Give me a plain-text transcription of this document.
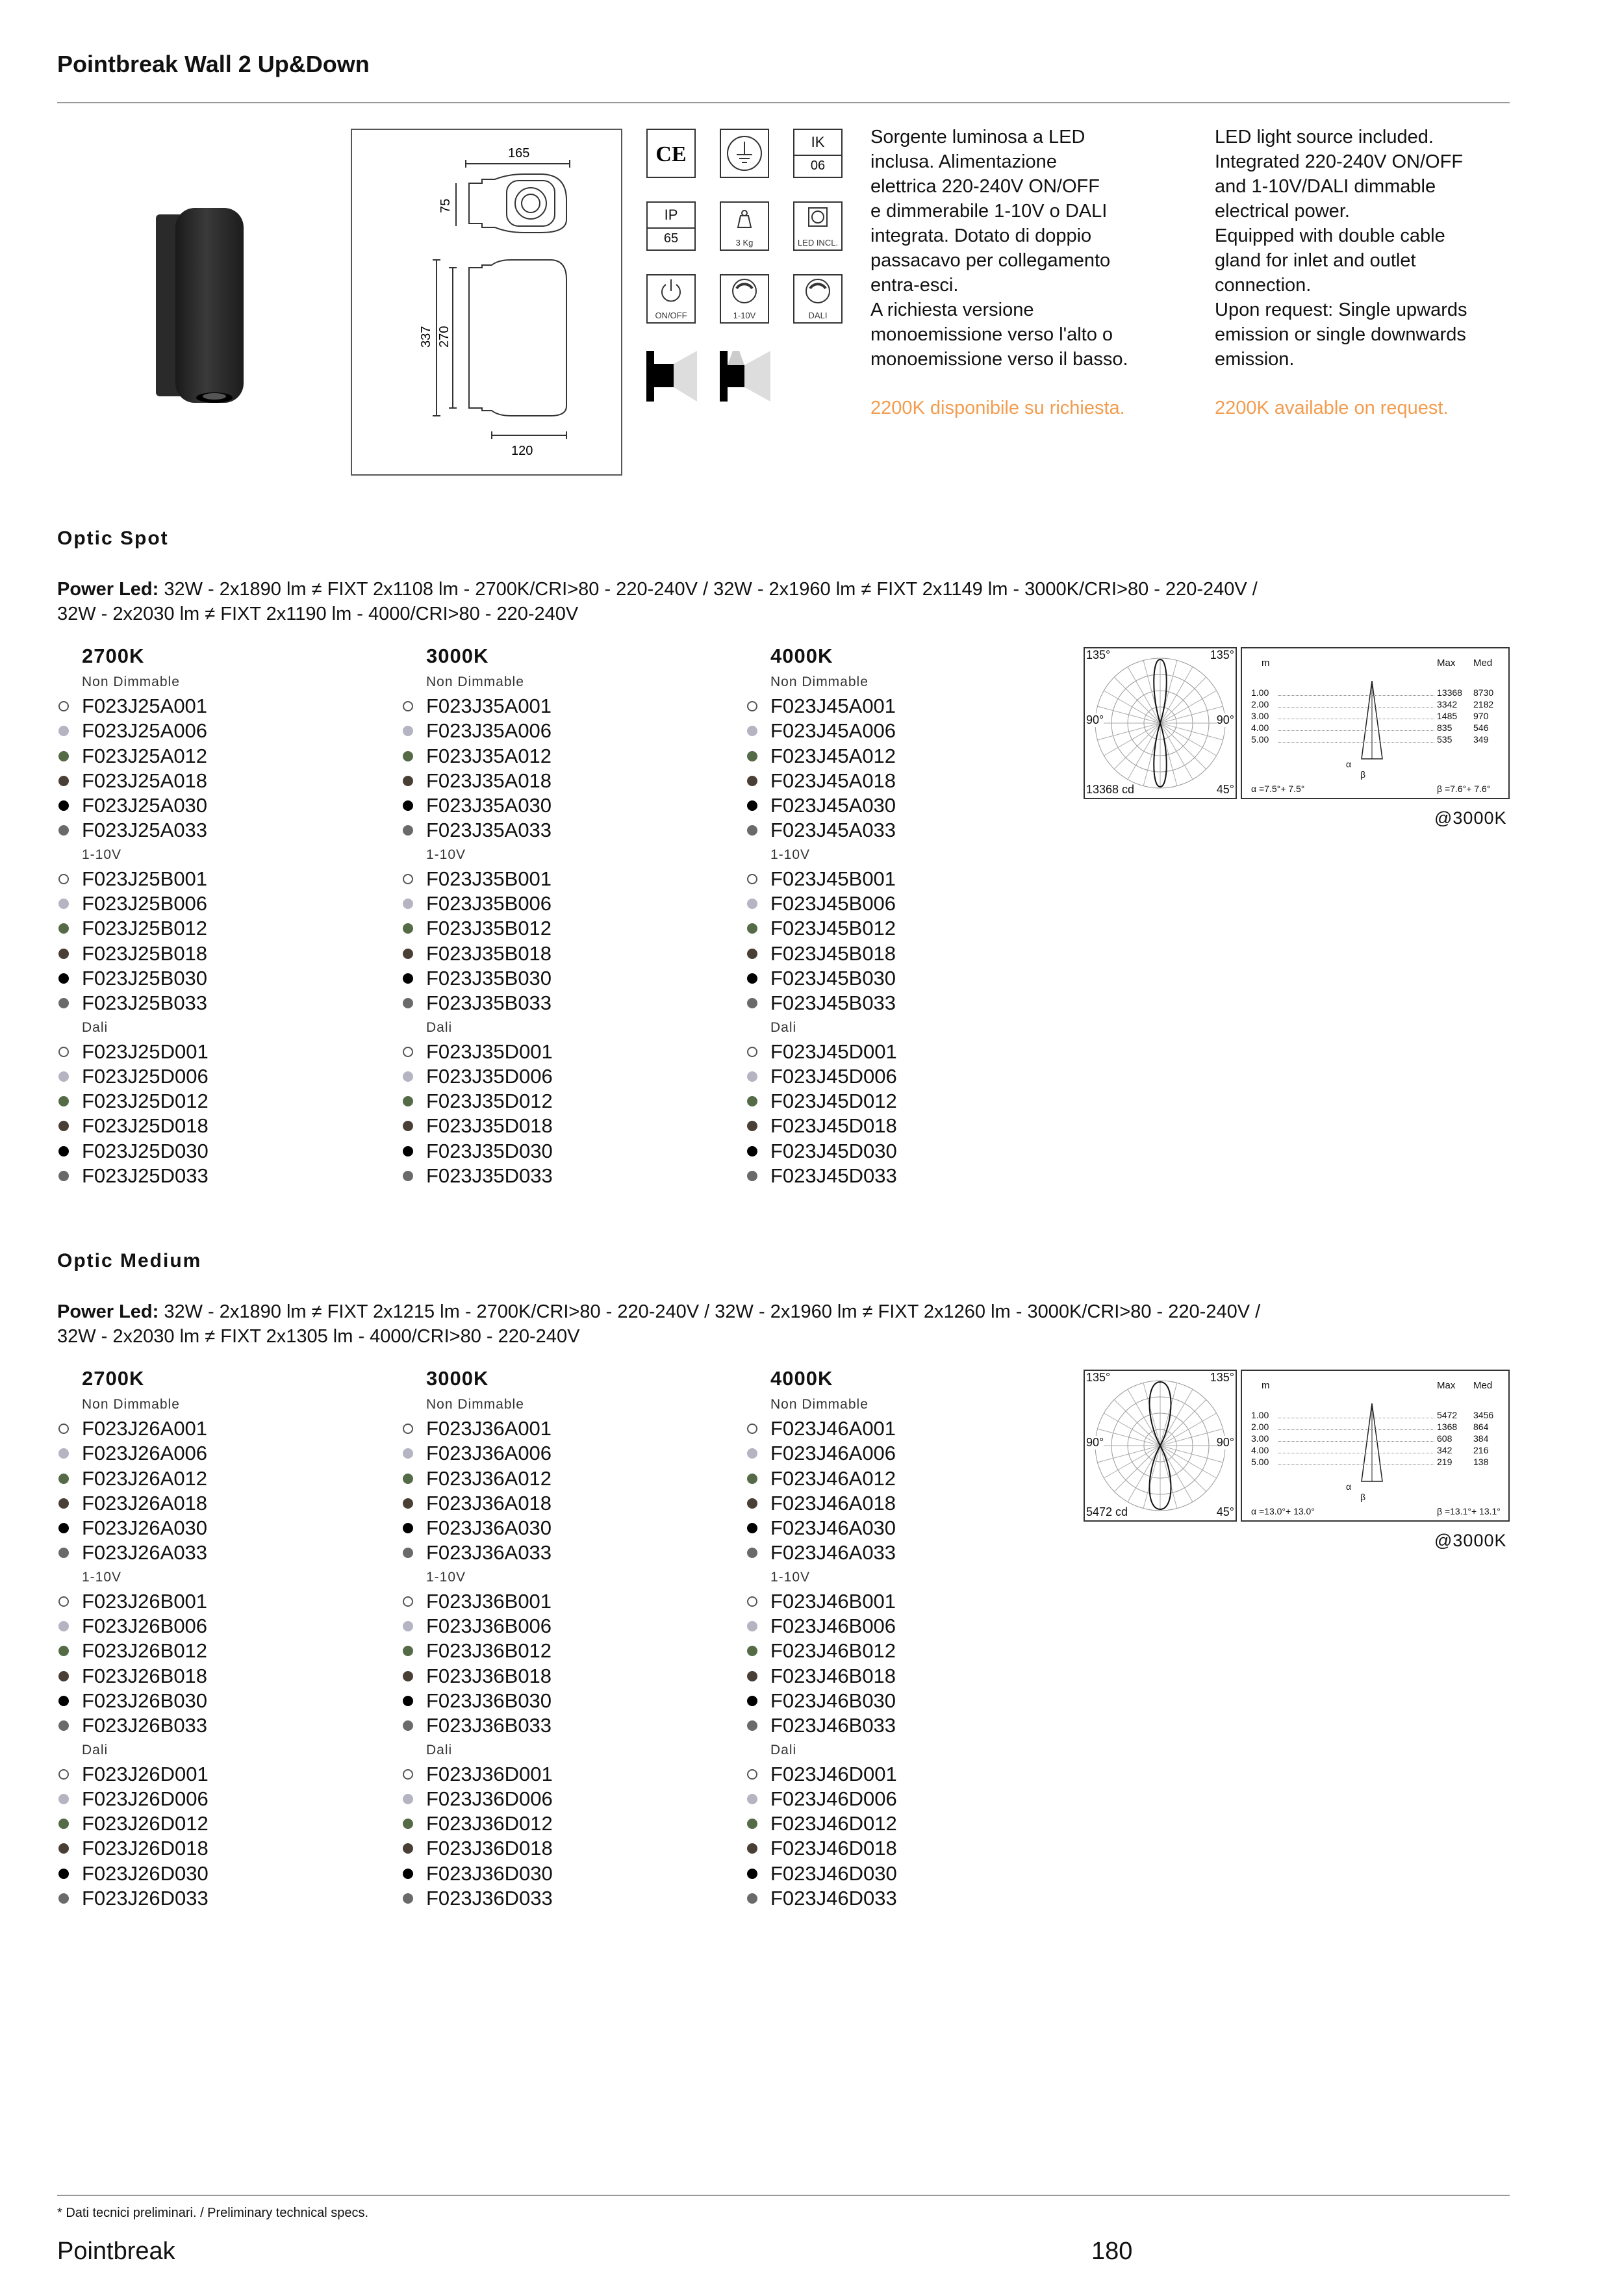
Pointbreak Wall 2 Up&Down
165
75
337 270
120
CE
IK
06
IP
65	3 Kg	LED INCL.
ON/OFF	1-10V	DALI
Sorgente luminosa a LED
inclusa. Alimentazione
elettrica 220-240V ON/OFF
e dimmerabile 1-10V o DALI
integrata. Dotato di doppio
passacavo per collegamento
entra-esci.
A richiesta versione
monoemissione verso l'alto o
monoemissione verso il basso.
2200K disponibile su richiesta.
LED light source included.
Integrated 220-240V ON/OFF
and 1-10V/DALI dimmable
electrical power.
Equipped with double cable
gland for inlet and outlet
connection.
Upon request: Single upwards
emission or single downwards
emission.
2200K available on request.
Optic Spot
Power Led: 32W - 2x1890 lm ≠ FIXT 2x1108 lm - 2700K/CRI>80 - 220-240V / 32W - 2x1960 lm ≠ FIXT 2x1149 lm - 3000K/CRI>80 - 220-240V /
32W - 2x2030 lm ≠ FIXT 2x1190 lm - 4000/CRI>80 - 220-240V
2700K
Non Dimmable
F023J25A001
F023J25A006
F023J25A012
F023J25A018
F023J25A030
F023J25A033
1-10V
F023J25B001
F023J25B006
F023J25B012
F023J25B018
F023J25B030
F023J25B033
Dali
F023J25D001
F023J25D006
F023J25D012
F023J25D018
F023J25D030
F023J25D033
3000K
Non Dimmable
F023J35A001
F023J35A006
F023J35A012
F023J35A018
F023J35A030
F023J35A033
1-10V
F023J35B001
F023J35B006
F023J35B012
F023J35B018
F023J35B030
F023J35B033
Dali
F023J35D001
F023J35D006
F023J35D012
F023J35D018
F023J35D030
F023J35D033
4000K
Non Dimmable
F023J45A001
F023J45A006
F023J45A012
F023J45A018
F023J45A030
F023J45A033
1-10V
F023J45B001
F023J45B006
F023J45B012
F023J45B018
F023J45B030
F023J45B033
Dali
F023J45D001
F023J45D006
F023J45D012
F023J45D018
F023J45D030
F023J45D033
135°	135°
90°	90°
13368 cd	45°
m	Max Med
1.00	13368 8730
2.00	3342 2182
3.00	1485 970
4.00	835 546
5.00	535 349
α
β
α =7.5°+ 7.5°	β =7.6°+ 7.6°
@3000K
Optic Medium
Power Led: 32W - 2x1890 lm ≠ FIXT 2x1215 lm - 2700K/CRI>80 - 220-240V / 32W - 2x1960 lm ≠ FIXT 2x1260 lm - 3000K/CRI>80 - 220-240V /
32W - 2x2030 lm ≠ FIXT 2x1305 lm - 4000/CRI>80 - 220-240V
2700K
Non Dimmable
F023J26A001
F023J26A006
F023J26A012
F023J26A018
F023J26A030
F023J26A033
1-10V
F023J26B001
F023J26B006
F023J26B012
F023J26B018
F023J26B030
F023J26B033
Dali
F023J26D001
F023J26D006
F023J26D012
F023J26D018
F023J26D030
F023J26D033
3000K
Non Dimmable
F023J36A001
F023J36A006
F023J36A012
F023J36A018
F023J36A030
F023J36A033
1-10V
F023J36B001
F023J36B006
F023J36B012
F023J36B018
F023J36B030
F023J36B033
Dali
F023J36D001
F023J36D006
F023J36D012
F023J36D018
F023J36D030
F023J36D033
4000K
Non Dimmable
F023J46A001
F023J46A006
F023J46A012
F023J46A018
F023J46A030
F023J46A033
1-10V
F023J46B001
F023J46B006
F023J46B012
F023J46B018
F023J46B030
F023J46B033
Dali
F023J46D001
F023J46D006
F023J46D012
F023J46D018
F023J46D030
F023J46D033
135°	135°
90°	90°
5472 cd	45°
m	Max Med
1.00	5472 3456
2.00	1368 864
3.00	608 384
4.00	342 216
5.00	219 138
α
β
α =13.0°+ 13.0°	β =13.1°+ 13.1°
@3000K
* Dati tecnici preliminari. / Preliminary technical specs.
Pointbreak	180
